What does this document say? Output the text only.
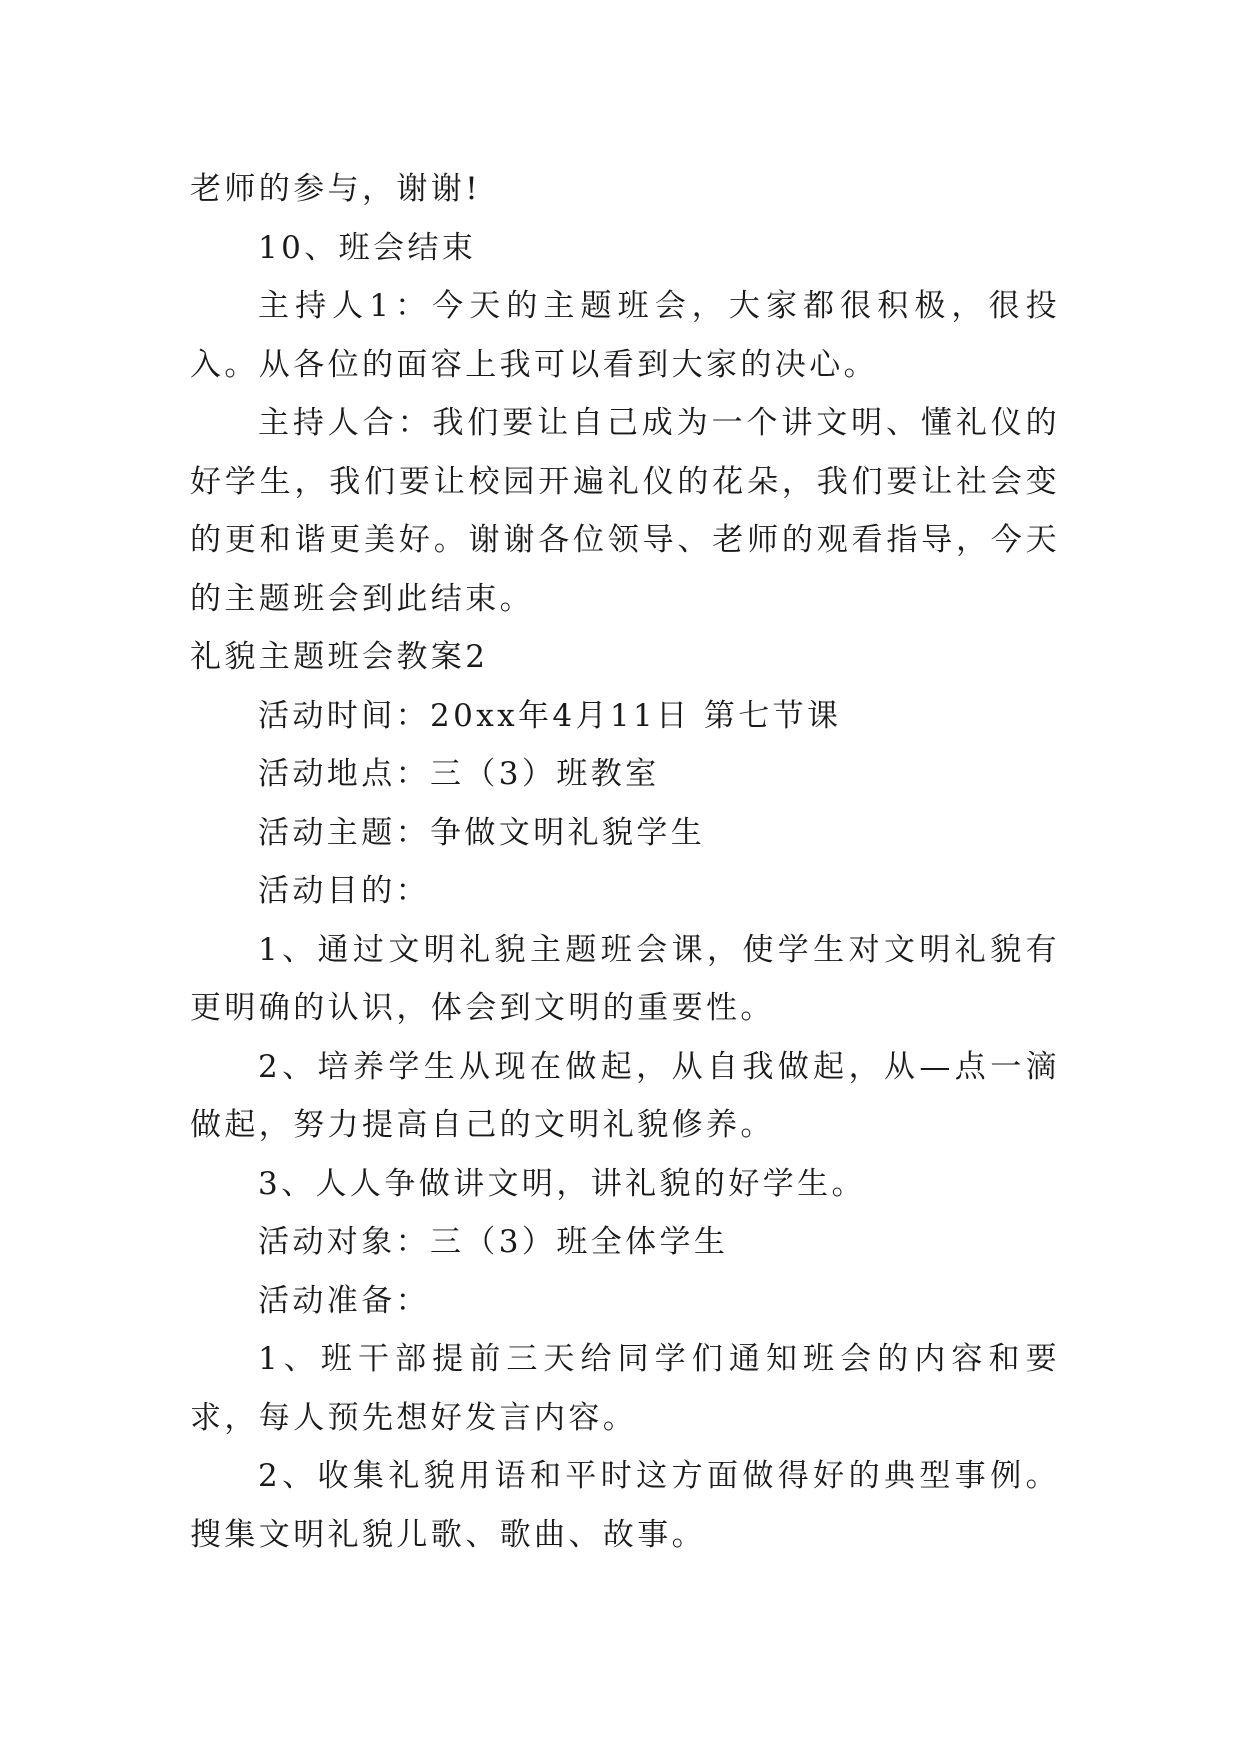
老师的参与，谢谢!

10、班会结束

主持人1：今天的主题班会，大家都很积极，很投入。从各位的面容上我可以看到大家的决心。

主持人合：我们要让自己成为一个讲文明、懂礼仪的好学生，我们要让校园开遍礼仪的花朵，我们要让社会变的更和谐更美好。谢谢各位领导、老师的观看指导，今天的主题班会到此结束。

礼貌主题班会教案2

活动时间：20xx年4月11日 第七节课

活动地点：三（3）班教室

活动主题：争做文明礼貌学生

活动目的：

1、通过文明礼貌主题班会课，使学生对文明礼貌有更明确的认识，体会到文明的重要性。

2、培养学生从现在做起，从自我做起，从—点一滴做起，努力提高自己的文明礼貌修养。

3、人人争做讲文明，讲礼貌的好学生。

活动对象：三（3）班全体学生

活动准备：

1、班干部提前三天给同学们通知班会的内容和要求，每人预先想好发言内容。

2、收集礼貌用语和平时这方面做得好的典型事例。搜集文明礼貌儿歌、歌曲、故事。
